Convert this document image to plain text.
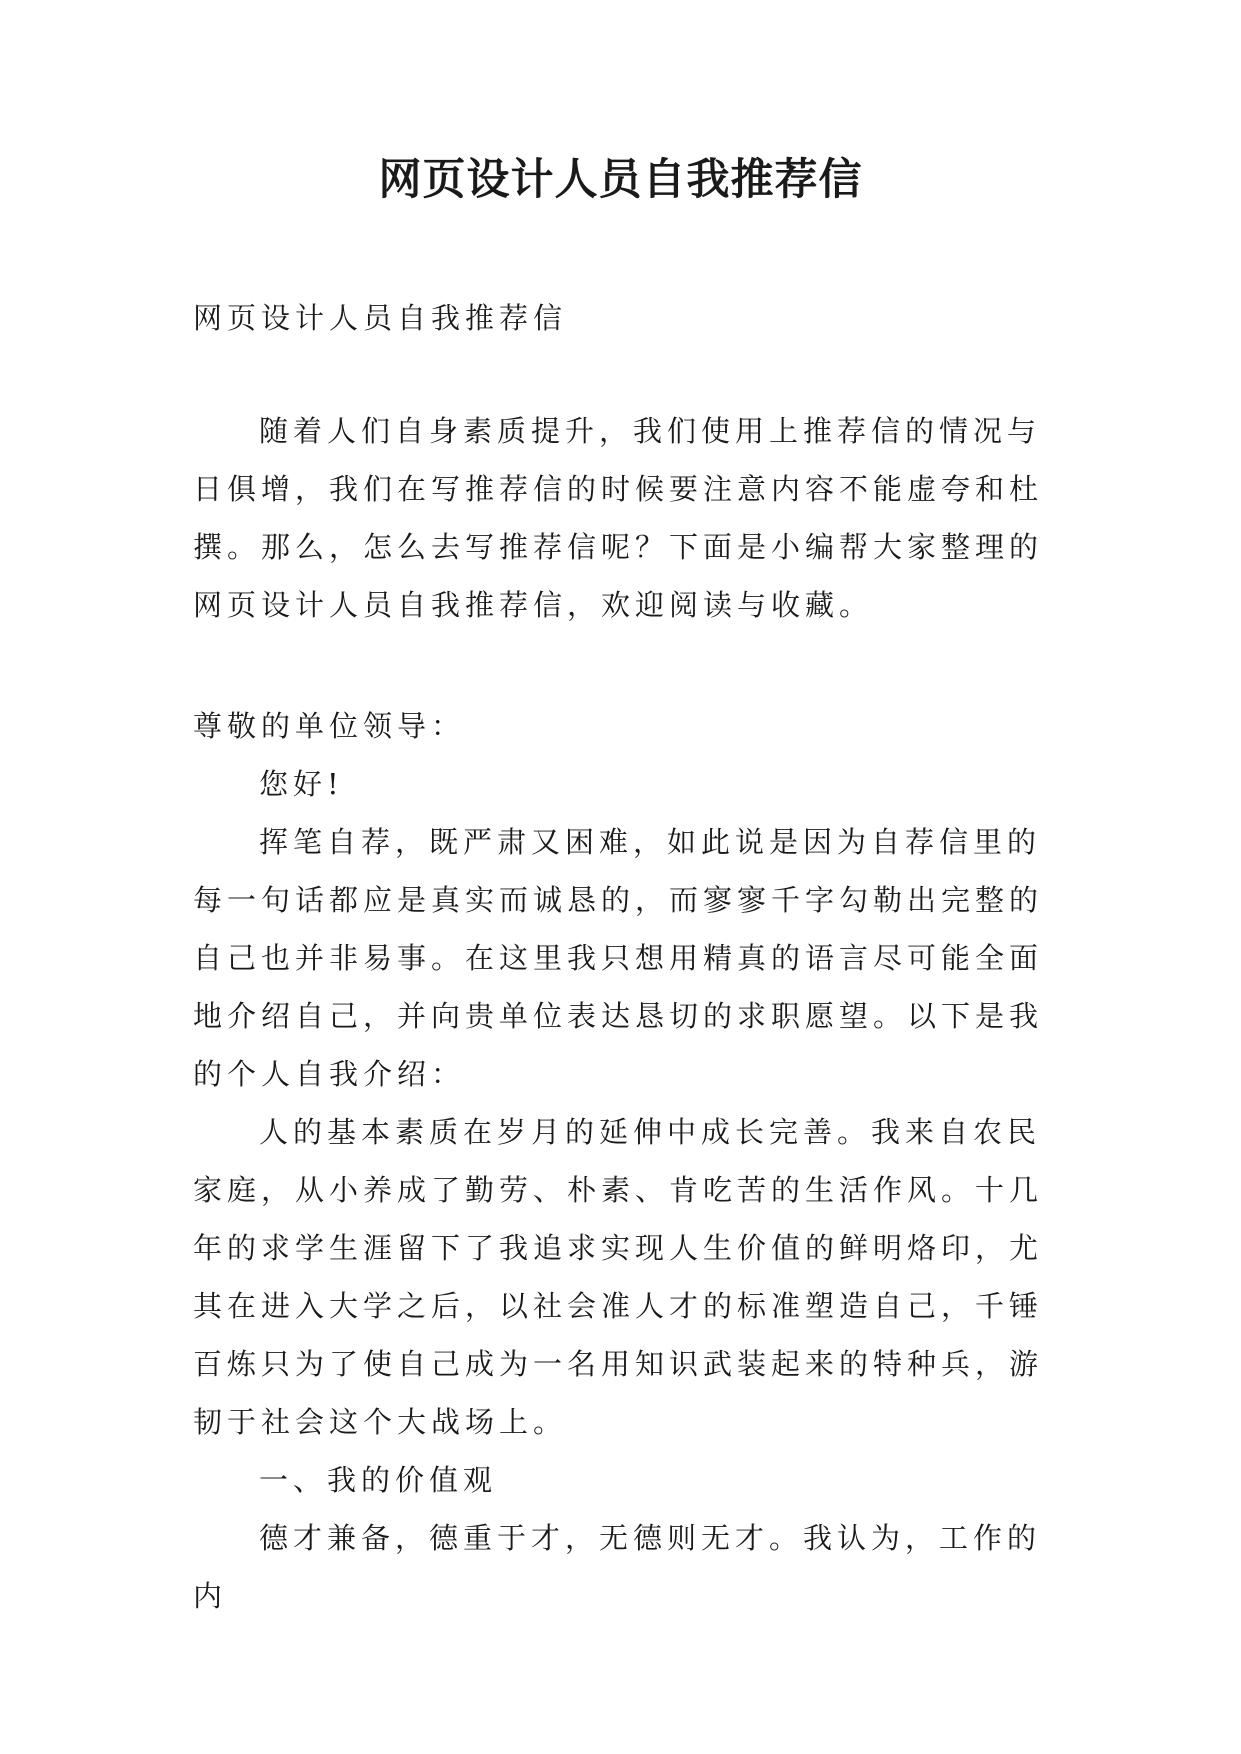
网页设计人员自我推荐信

网页设计人员自我推荐信

随着人们自身素质提升，我们使用上推荐信的情况与日俱增，我们在写推荐信的时候要注意内容不能虚夸和杜撰。那么，怎么去写推荐信呢？下面是小编帮大家整理的网页设计人员自我推荐信，欢迎阅读与收藏。

尊敬的单位领导：

您好!

挥笔自荐，既严肃又困难，如此说是因为自荐信里的每一句话都应是真实而诚恳的，而寥寥千字勾勒出完整的自己也并非易事。在这里我只想用精真的语言尽可能全面地介绍自己，并向贵单位表达恳切的求职愿望。以下是我的个人自我介绍：

人的基本素质在岁月的延伸中成长完善。我来自农民家庭，从小养成了勤劳、朴素、肯吃苦的生活作风。十几年的求学生涯留下了我追求实现人生价值的鲜明烙印，尤其在进入大学之后，以社会准人才的标准塑造自己，千锤百炼只为了使自己成为一名用知识武装起来的特种兵，游韧于社会这个大战场上。

一、我的价值观

德才兼备，德重于才，无德则无才。我认为，工作的内
